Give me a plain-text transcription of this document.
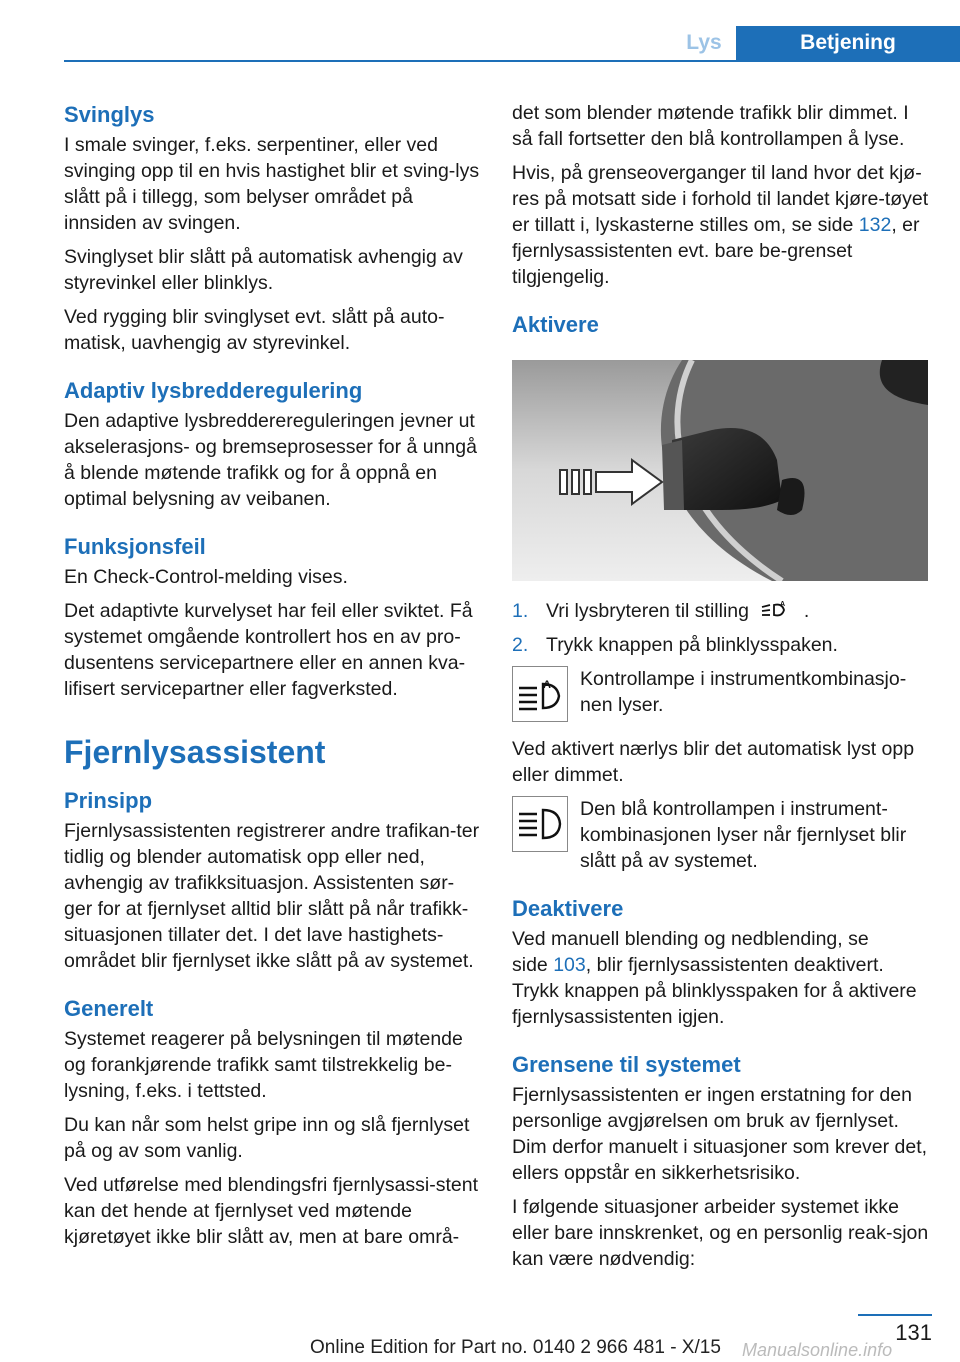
Lys	Betjening
Svinglys

I smale svinger, f.eks. serpentiner, eller ved svinging opp til en hvis hastighet blir et sving‐lys slått på i tillegg, som belyser området på innsiden av svingen.

Svinglyset blir slått på automatisk avhengig av styrevinkel eller blinklys.

Ved rygging blir svinglyset evt. slått på auto‐matisk, uavhengig av styrevinkel.

Adaptiv lysbredderegulering

Den adaptive lysbredderereguleringen jevner ut akselerasjons- og bremseprosesser for å unngå å blende møtende trafikk og for å oppnå en optimal belysning av veibanen.

Funksjonsfeil

En Check-Control-melding vises.

Det adaptivte kurvelyset har feil eller sviktet. Få systemet omgående kontrollert hos en av pro‐dusentens servicepartnere eller en annen kva‐lifisert servicepartner eller fagverksted.

Fjernlysassistent
Prinsipp

Fjernlysassistenten registrerer andre trafikan‐ter tidlig og blender automatisk opp eller ned, avhengig av trafikksituasjon. Assistenten sør‐ger for at fjernlyset alltid blir slått på når trafikk‐situasjonen tillater det. I det lave hastighets‐området blir fjernlyset ikke slått på av systemet.

Generelt

Systemet reagerer på belysningen til møtende og forankjørende trafikk samt tilstrekkelig be‐lysning, f.eks. i tettsted.

Du kan når som helst gripe inn og slå fjernlyset på og av som vanlig.

Ved utførelse med blendingsfri fjernlysassi‐stent kan det hende at fjernlyset ved møtende kjøretøyet ikke blir slått av, men at bare områ‐

det som blender møtende trafikk blir dimmet. I så fall fortsetter den blå kontrollampen å lyse.

Hvis, på grenseoverganger til land hvor det kjø‐res på motsatt side i forhold til landet kjøre‐tøyet er tillatt i, lyskasterne stilles om, se side 132, er fjernlysassistenten evt. bare be‐grenset tilgjengelig.

Aktivere
1. Vri lysbryteren til stilling	A .
2. Trykk knappen på blinklysspaken.
A Kontrollampe i instrumentkombinasjo‐nen lyser.

Ved aktivert nærlys blir det automatisk lyst opp eller dimmet.

Den blå kontrollampen i instrument‐kombinasjonen lyser når fjernlyset blir slått på av systemet.

Deaktivere

Ved manuell blending og nedblending, se side 103, blir fjernlysassistenten deaktivert. Trykk knappen på blinklysspaken for å aktivere fjernlysassistenten igjen.

Grensene til systemet

Fjernlysassistenten er ingen erstatning for den personlige avgjørelsen om bruk av fjernlyset. Dim derfor manuelt i situasjoner som krever det, ellers oppstår en sikkerhetsrisiko.

I følgende situasjoner arbeider systemet ikke eller bare innskrenket, og en personlig reak‐sjon kan være nødvendig:

131
Online Edition for Part no. 0140 2 966 481 - X/15 Manualsonline.info
